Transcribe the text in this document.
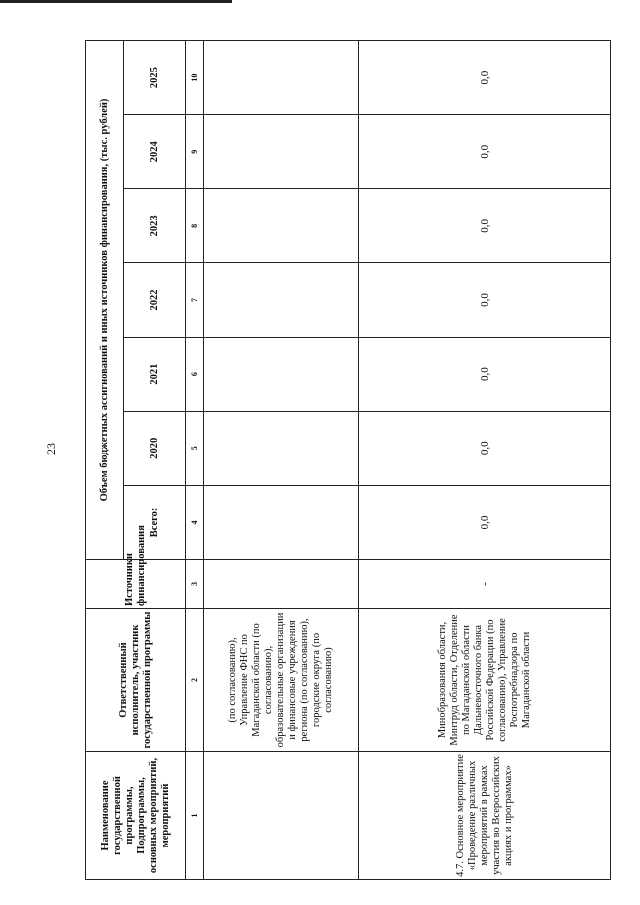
23
Наименование государственной программы, Подпрограммы, основных мероприятий, мероприятий	Ответственный исполнитель, участник государственной программы	Источники финансирования	Объем бюджетных ассигнований и иных источников финансирования, (тыс. рублей)						
			Всего:	2020	2021	2022	2023	2024	2025
1	2	3	4	5	6	7	8	9	10
	(по согласованию), Управление ФНС по Магаданской области (по согласованию), образовательные организации и финансовые учреждения региона (по согласованию), городские округа (по согласованию)								
4.7. Основное мероприятие «Проведение различных мероприятий в рамках участия во Всероссийских акциях и программах»	Минобразования области, Минтруд области, Отделение по Магаданской области Дальневосточного банка Российской Федерации (по согласованию), Управление Роспотребнадзора по Магаданской области	-	0,0	0,0	0,0	0,0	0,0	0,0	0,0
